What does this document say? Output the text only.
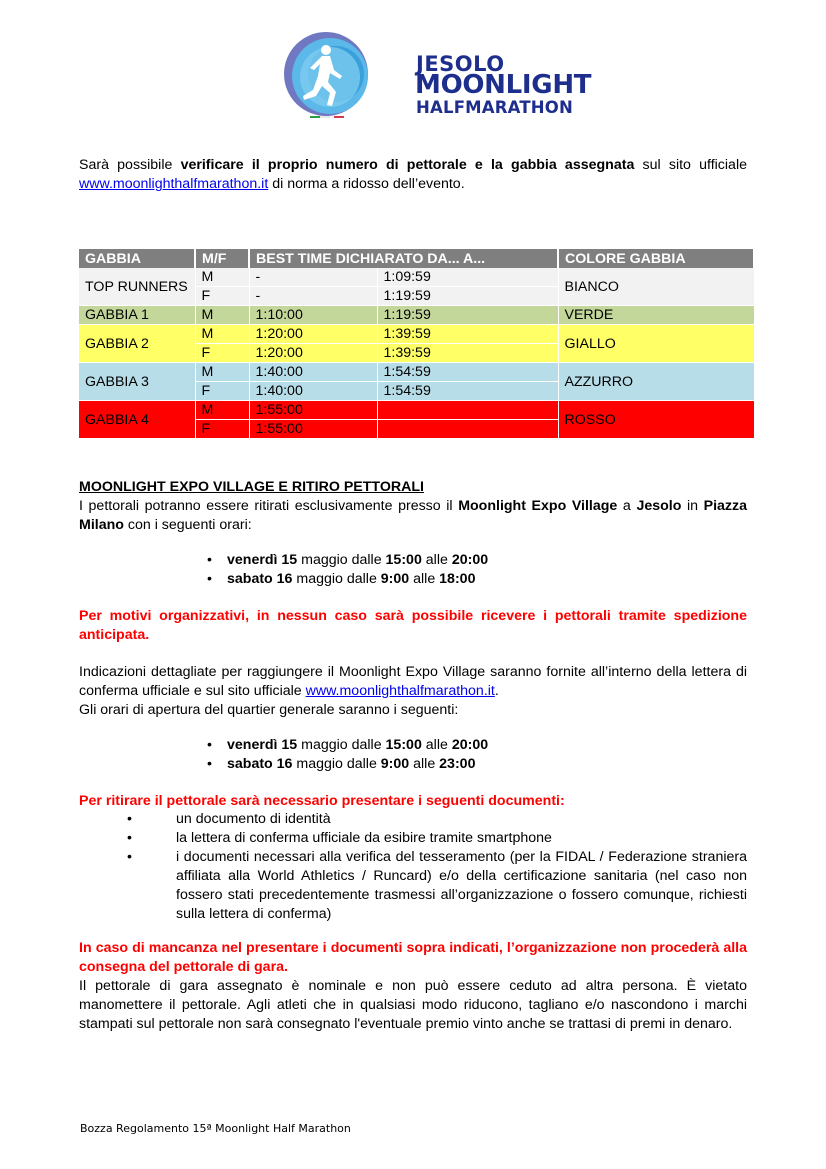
JESOLO
MOONLIGHT
HALFMARATHON
Sarà possibile verificare il proprio numero di pettorale e la gabbia assegnata sul sito ufficiale www.moonlighthalfmarathon.it di norma a ridosso dell’evento.
GABBIA	M/F	BEST TIME DICHIARATO DA... A...		COLORE GABBIA
TOP RUNNERS	M	-	1:09:59	BIANCO
	F	-	1:19:59	
GABBIA 1	M	1:10:00	1:19:59	VERDE
GABBIA 2	M	1:20:00	1:39:59	GIALLO
	F	1:20:00	1:39:59	
GABBIA 3	M	1:40:00	1:54:59	AZZURRO
	F	1:40:00	1:54:59	
GABBIA 4	M	1:55:00		ROSSO
	F	1:55:00		
MOONLIGHT EXPO VILLAGE E RITIRO PETTORALI
I pettorali potranno essere ritirati esclusivamente presso il Moonlight Expo Village a Jesolo in Piazza Milano con i seguenti orari:
• venerdì 15 maggio dalle 15:00 alle 20:00
• sabato 16 maggio dalle 9:00 alle 18:00
Per motivi organizzativi, in nessun caso sarà possibile ricevere i pettorali tramite spedizione anticipata.
Indicazioni dettagliate per raggiungere il Moonlight Expo Village saranno fornite all’interno della lettera di conferma ufficiale e sul sito ufficiale www.moonlighthalfmarathon.it.
Gli orari di apertura del quartier generale saranno i seguenti:
• venerdì 15 maggio dalle 15:00 alle 20:00
• sabato 16 maggio dalle 9:00 alle 23:00
Per ritirare il pettorale sarà necessario presentare i seguenti documenti:
•	un documento di identità
•	la lettera di conferma ufficiale da esibire tramite smartphone
•	i documenti necessari alla verifica del tesseramento (per la FIDAL / Federazione straniera affiliata alla World Athletics / Runcard) e/o della certificazione sanitaria (nel caso non fossero stati precedentemente trasmessi all’organizzazione o fossero comunque, richiesti sulla lettera di conferma)
In caso di mancanza nel presentare i documenti sopra indicati, l’organizzazione non procederà alla consegna del pettorale di gara.
Il pettorale di gara assegnato è nominale e non può essere ceduto ad altra persona. È vietato manomettere il pettorale. Agli atleti che in qualsiasi modo riducono, tagliano e/o nascondono i marchi stampati sul pettorale non sarà consegnato l'eventuale premio vinto anche se trattasi di premi in denaro.
Bozza Regolamento 15ª Moonlight Half Marathon
